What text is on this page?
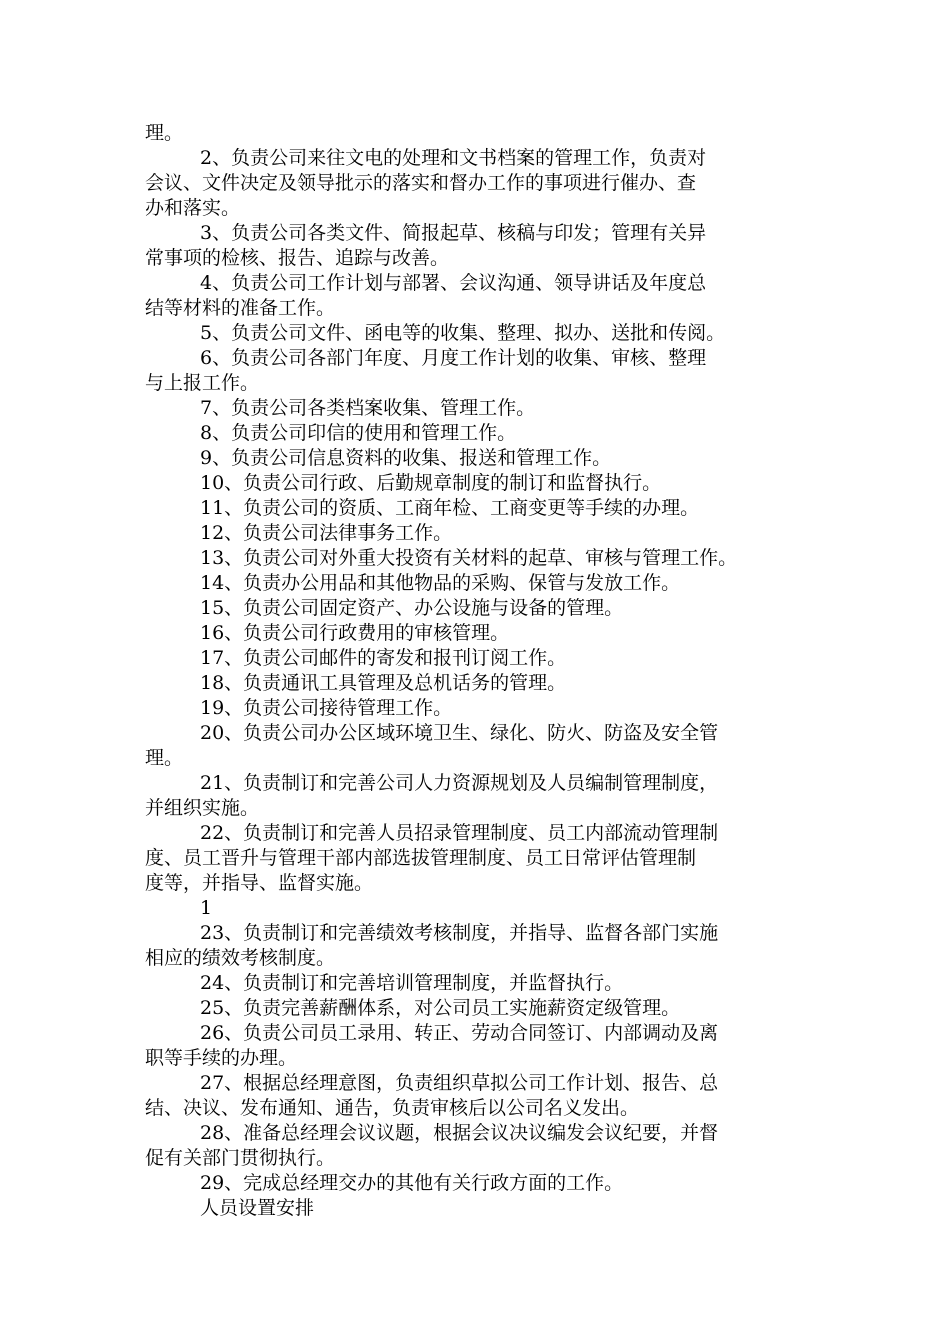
理。
2、负责公司来往文电的处理和文书档案的管理工作，负责对
会议、文件决定及领导批示的落实和督办工作的事项进行催办、查
办和落实。
3、负责公司各类文件、简报起草、核稿与印发；管理有关异
常事项的检核、报告、追踪与改善。
4、负责公司工作计划与部署、会议沟通、领导讲话及年度总
结等材料的准备工作。
5、负责公司文件、函电等的收集、整理、拟办、送批和传阅。
6、负责公司各部门年度、月度工作计划的收集、审核、整理
与上报工作。
7、负责公司各类档案收集、管理工作。
8、负责公司印信的使用和管理工作。
9、负责公司信息资料的收集、报送和管理工作。
10、负责公司行政、后勤规章制度的制订和监督执行。
11、负责公司的资质、工商年检、工商变更等手续的办理。
12、负责公司法律事务工作。
13、负责公司对外重大投资有关材料的起草、审核与管理工作。
14、负责办公用品和其他物品的采购、保管与发放工作。
15、负责公司固定资产、办公设施与设备的管理。
16、负责公司行政费用的审核管理。
17、负责公司邮件的寄发和报刊订阅工作。
18、负责通讯工具管理及总机话务的管理。
19、负责公司接待管理工作。
20、负责公司办公区域环境卫生、绿化、防火、防盗及安全管
理。
21、负责制订和完善公司人力资源规划及人员编制管理制度，
并组织实施。
22、负责制订和完善人员招录管理制度、员工内部流动管理制
度、员工晋升与管理干部内部选拔管理制度、员工日常评估管理制
度等，并指导、监督实施。
1
23、负责制订和完善绩效考核制度，并指导、监督各部门实施
相应的绩效考核制度。
24、负责制订和完善培训管理制度，并监督执行。
25、负责完善薪酬体系，对公司员工实施薪资定级管理。
26、负责公司员工录用、转正、劳动合同签订、内部调动及离
职等手续的办理。
27、根据总经理意图，负责组织草拟公司工作计划、报告、总
结、决议、发布通知、通告，负责审核后以公司名义发出。
28、准备总经理会议议题，根据会议决议编发会议纪要，并督
促有关部门贯彻执行。
29、完成总经理交办的其他有关行政方面的工作。
人员设置安排
